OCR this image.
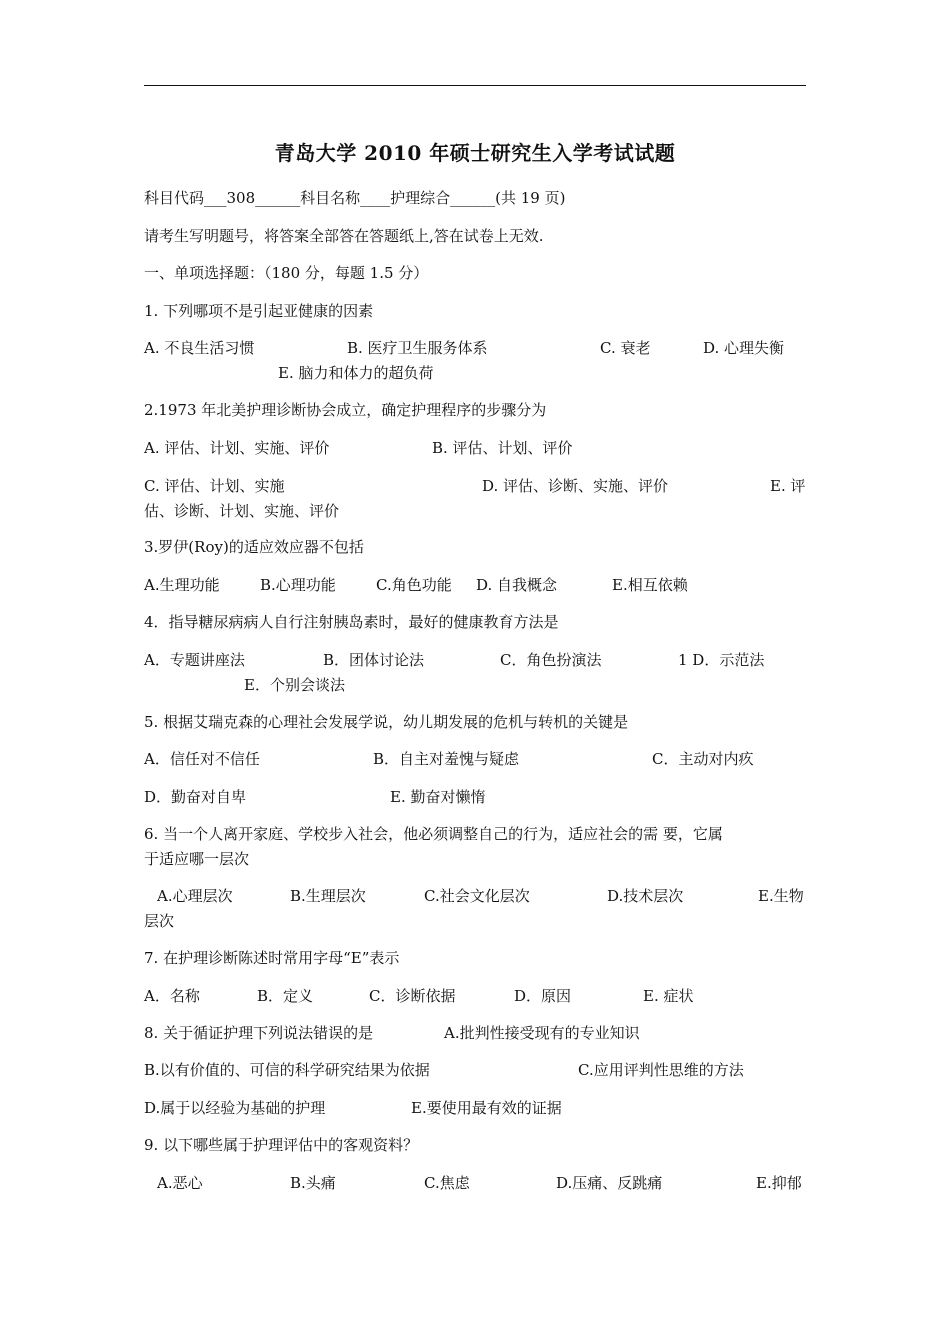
青岛大学 2010 年硕士研究生入学考试试题
科目代码___308______科目名称____护理综合______(共 19 页)
请考生写明题号，将答案全部答在答题纸上,答在试卷上无效.
一、单项选择题：（180 分，每题 1.5 分）
1. 下列哪项不是引起亚健康的因素
A. 不良生活习惯	B. 医疗卫生服务体系	C. 衰老	D. 心理失衡
E. 脑力和体力的超负荷
2.1973 年北美护理诊断协会成立，确定护理程序的步骤分为
A. 评估、计划、实施、评价	B. 评估、计划、评价
C. 评估、计划、实施	D. 评估、诊断、实施、评价	E. 评
估、诊断、计划、实施、评价
3.罗伊(Roy)的适应效应器不包括
A.生理功能	B.心理功能	C.角色功能 D. 自我概念	E.相互依赖
4．指导糖尿病病人自行注射胰岛素时，最好的健康教育方法是
A．专题讲座法	B．团体讨论法	C．角色扮演法	1 D．示范法
E．个别会谈法
5. 根据艾瑞克森的心理社会发展学说，幼儿期发展的危机与转机的关键是
A．信任对不信任	B．自主对羞愧与疑虑	C．主动对内疚
D．勤奋对自卑	E. 勤奋对懒惰
6. 当一个人离开家庭、学校步入社会，他必须调整自己的行为，适应社会的需 要，它属
于适应哪一层次
A.心理层次	B.生理层次	C.社会文化层次	D.技术层次	E.生物
层次
7. 在护理诊断陈述时常用字母“E”表示
A．名称	B．定义	C．诊断依据	D．原因	E. 症状
8. 关于循证护理下列说法错误的是	A.批判性接受现有的专业知识
B.以有价值的、可信的科学研究结果为依据	C.应用评判性思维的方法
D.属于以经验为基础的护理	E.要使用最有效的证据
9. 以下哪些属于护理评估中的客观资料？
A.恶心	B.头痛	C.焦虑	D.压痛、反跳痛	E.抑郁
